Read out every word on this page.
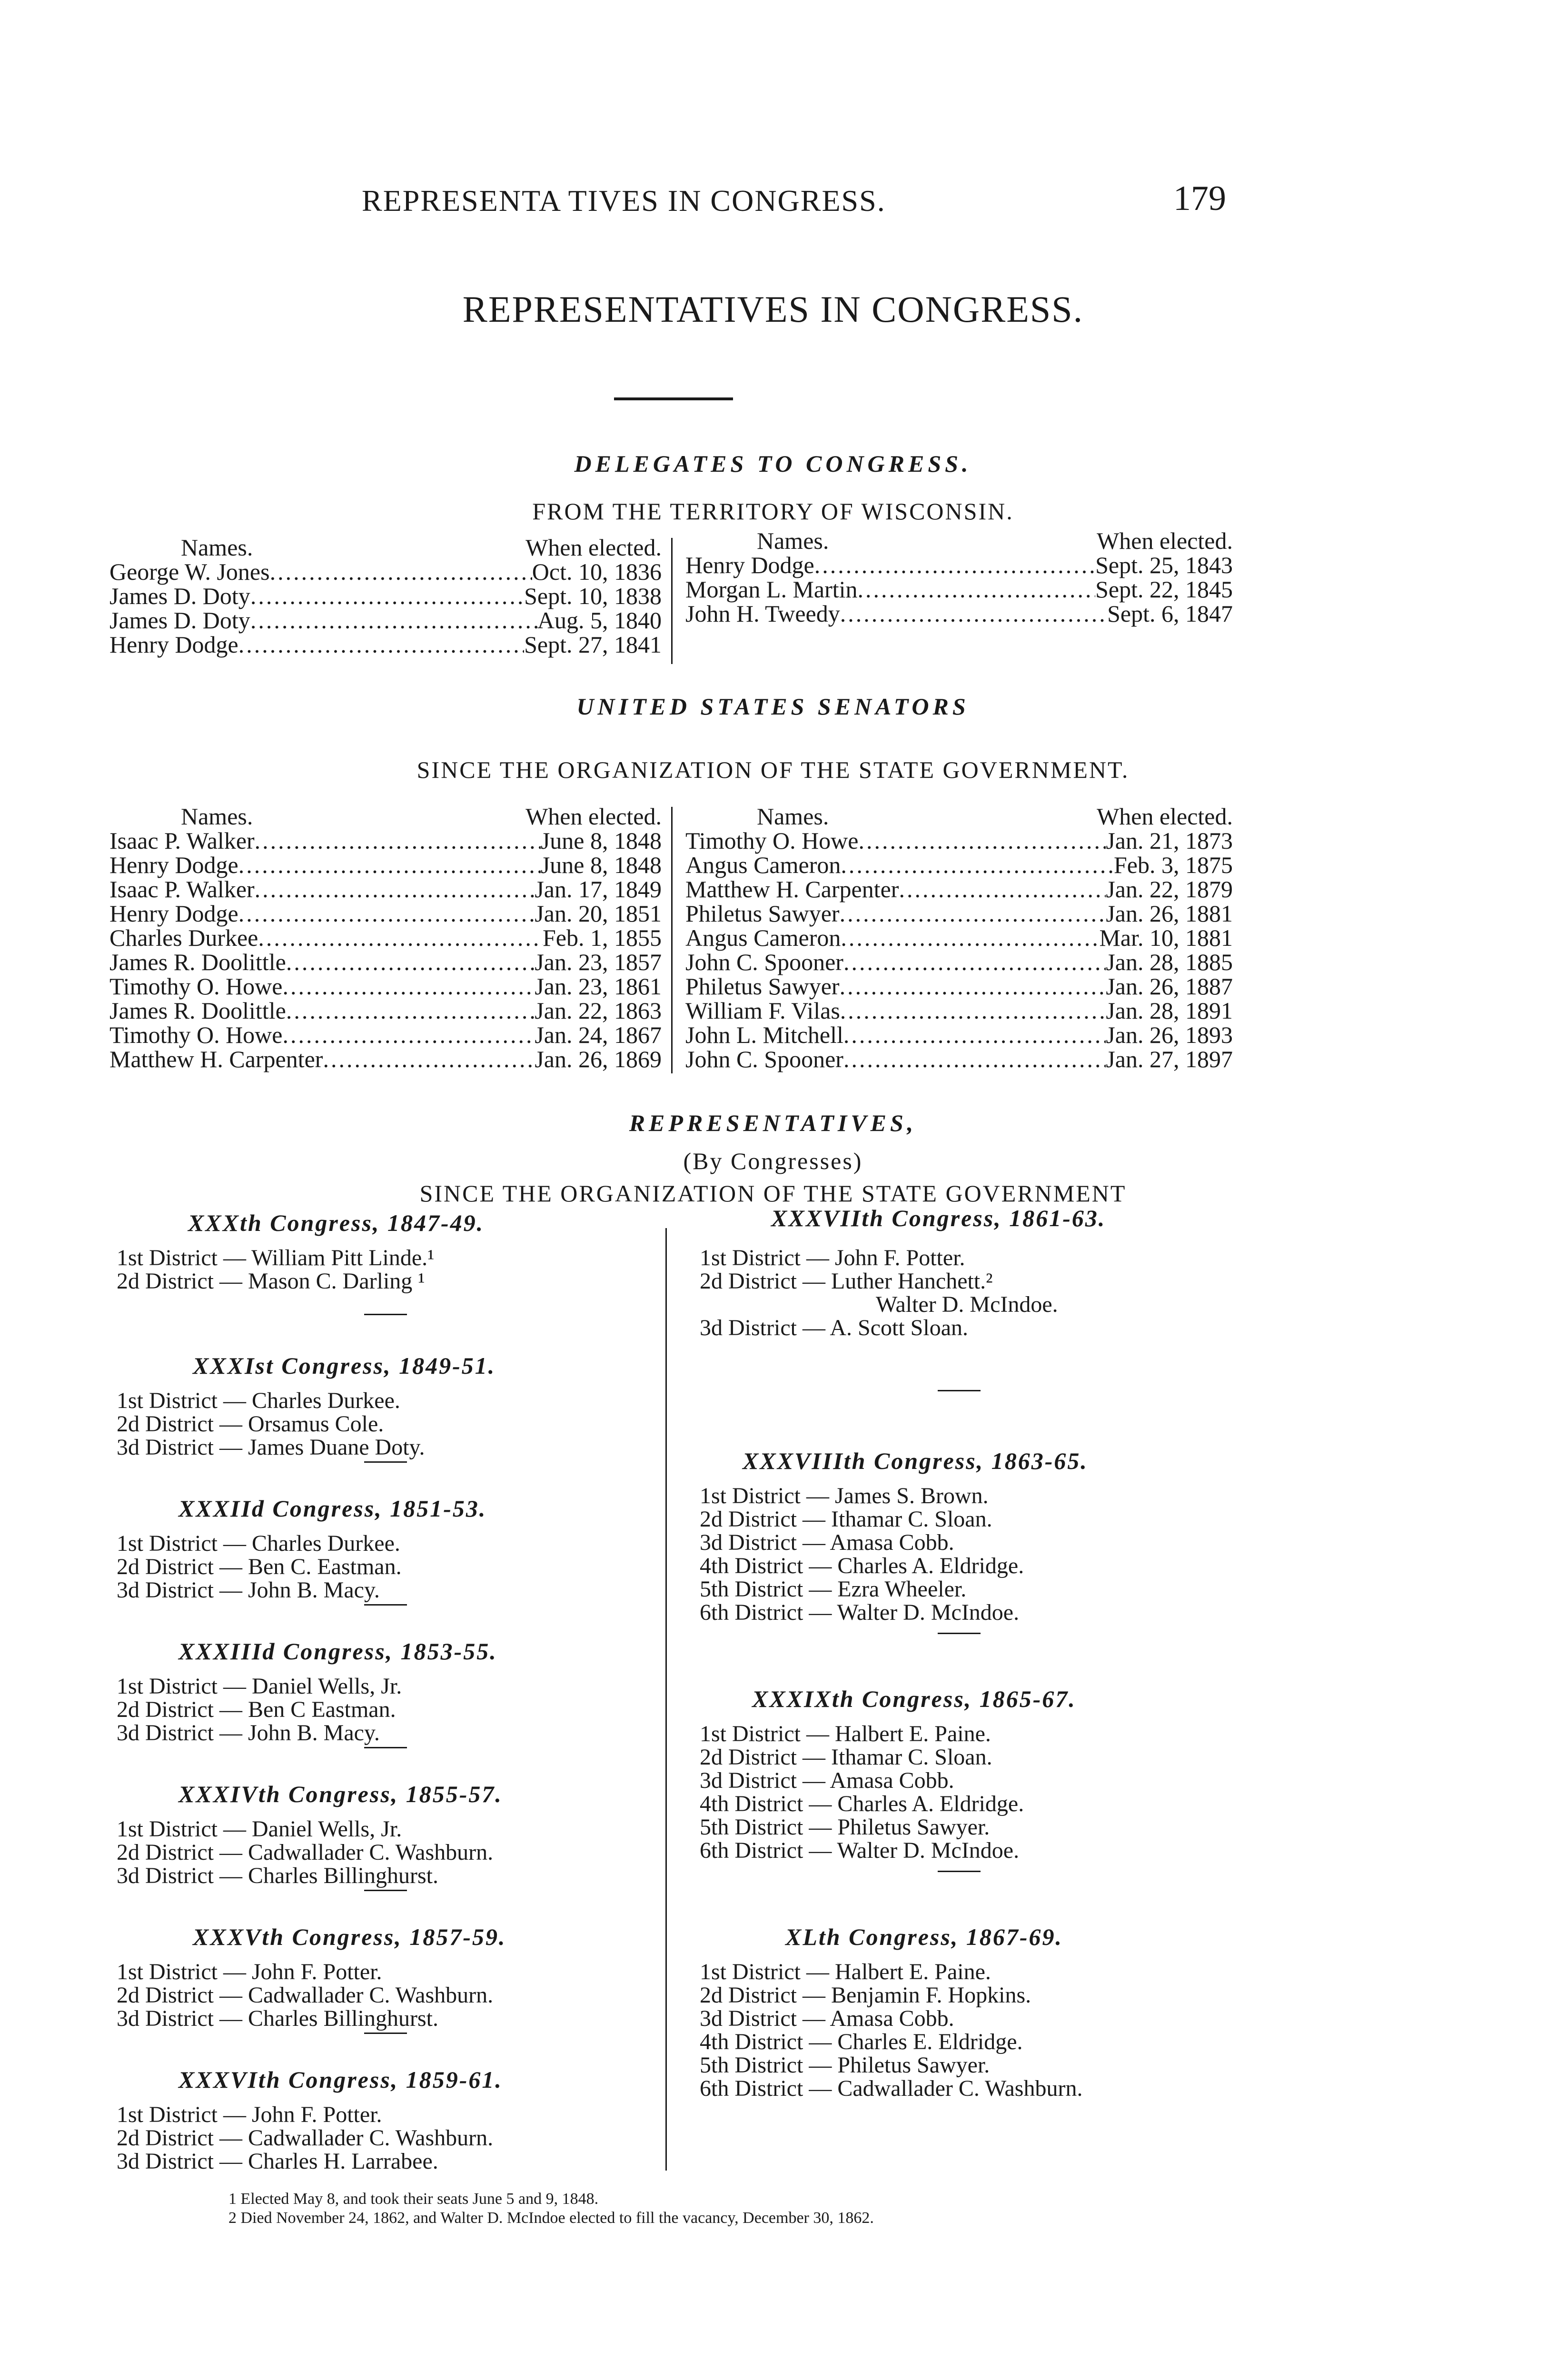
REPRESENTA TIVES IN CONGRESS.	179
REPRESENTATIVES IN CONGRESS.
DELEGATES TO CONGRESS.
FROM THE TERRITORY OF WISCONSIN.
Names.	When elected.
George W. Jones .....	Oct. 10, 1836
James D. Doty .....	Sept. 10, 1838
James D. Doty .....	Aug. 5, 1840
Henry Dodge .....	Sept. 27, 1841
Names.	When elected.
Henry Dodge .....	Sept. 25, 1843
Morgan L. Martin .....	Sept. 22, 1845
John H. Tweedy .....	Sept. 6, 1847
UNITED STATES SENATORS
SINCE THE ORGANIZATION OF THE STATE GOVERNMENT.
Names.	When elected.
Isaac P. Walker .....	June 8, 1848
Henry Dodge .....	June 8, 1848
Isaac P. Walker .....	Jan. 17, 1849
Henry Dodge .....	Jan. 20, 1851
Charles Durkee .....	Feb. 1, 1855
James R. Doolittle .....	Jan. 23, 1857
Timothy O. Howe .....	Jan. 23, 1861
James R. Doolittle .....	Jan. 22, 1863
Timothy O. Howe .....	Jan. 24, 1867
Matthew H. Carpenter .....	Jan. 26, 1869
Names.	When elected.
Timothy O. Howe .....	Jan. 21, 1873
Angus Cameron .....	Feb. 3, 1875
Matthew H. Carpenter .....	Jan. 22, 1879
Philetus Sawyer .....	Jan. 26, 1881
Angus Cameron .....	Mar. 10, 1881
John C. Spooner .....	Jan. 28, 1885
Philetus Sawyer .....	Jan. 26, 1887
William F. Vilas .....	Jan. 28, 1891
John L. Mitchell .....	Jan. 26, 1893
John C. Spooner .....	Jan. 27, 1897
REPRESENTATIVES,
(By Congresses)
SINCE THE ORGANIZATION OF THE STATE GOVERNMENT
XXXth Congress, 1847-49.
1st District — William Pitt Linde.¹
2d District — Mason C. Darling ¹
XXXIst Congress, 1849-51.
1st District — Charles Durkee.
2d District — Orsamus Cole.
3d District — James Duane Doty.
XXXIId Congress, 1851-53.
1st District — Charles Durkee.
2d District — Ben C. Eastman.
3d District — John B. Macy.
XXXIIId Congress, 1853-55.
1st District — Daniel Wells, Jr.
2d District — Ben C Eastman.
3d District — John B. Macy.
XXXIVth Congress, 1855-57.
1st District — Daniel Wells, Jr.
2d District — Cadwallader C. Washburn.
3d District — Charles Billinghurst.
XXXVth Congress, 1857-59.
1st District — John F. Potter.
2d District — Cadwallader C. Washburn.
3d District — Charles Billinghurst.
XXXVIth Congress, 1859-61.
1st District — John F. Potter.
2d District — Cadwallader C. Washburn.
3d District — Charles H. Larrabee.
XXXVIIth Congress, 1861-63.
1st District — John F. Potter.
2d District — Luther Hanchett.²
Walter D. McIndoe.
3d District — A. Scott Sloan.
XXXVIIIth Congress, 1863-65.
1st District — James S. Brown.
2d District — Ithamar C. Sloan.
3d District — Amasa Cobb.
4th District — Charles A. Eldridge.
5th District — Ezra Wheeler.
6th District — Walter D. McIndoe.
XXXIXth Congress, 1865-67.
1st District — Halbert E. Paine.
2d District — Ithamar C. Sloan.
3d District — Amasa Cobb.
4th District — Charles A. Eldridge.
5th District — Philetus Sawyer.
6th District — Walter D. McIndoe.
XLth Congress, 1867-69.
1st District — Halbert E. Paine.
2d District — Benjamin F. Hopkins.
3d District — Amasa Cobb.
4th District — Charles E. Eldridge.
5th District — Philetus Sawyer.
6th District — Cadwallader C. Washburn.
1 Elected May 8, and took their seats June 5 and 9, 1848.
2 Died November 24, 1862, and Walter D. McIndoe elected to fill the vacancy, December 30, 1862.
